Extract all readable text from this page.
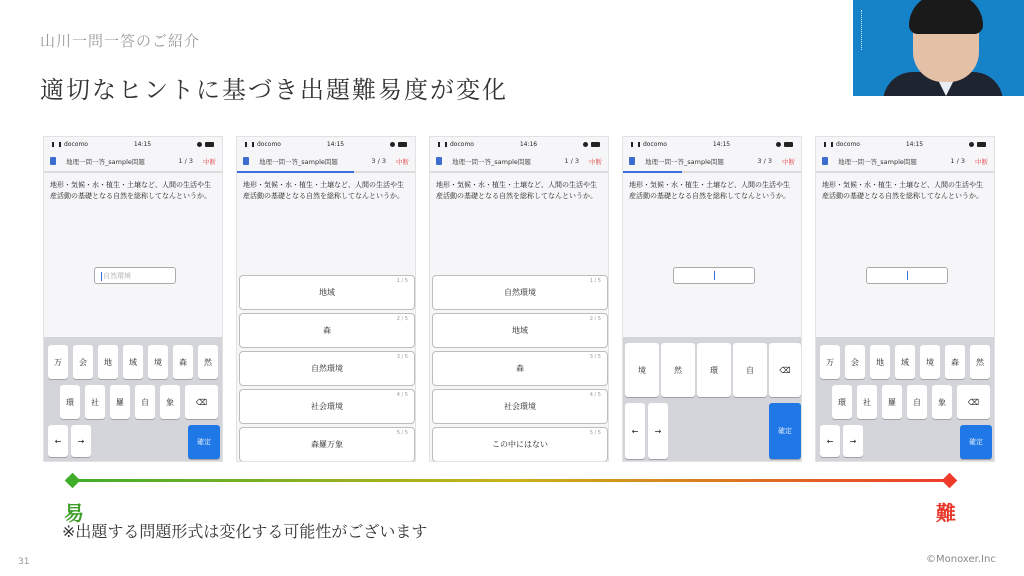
山川一問一答のご紹介
適切なヒントに基づき出題難易度が変化
docomo	14:15
地理一問一答_sample問題	1 / 3 中断
地形・気候・水・植生・土壌など、人間の生活や生産活動の基礎となる自然を総称してなんというか。
自然環境
万	会	地	域	境	森	然
環	社	羅	自	象	⌫
←	→	確定
docomo	14:15
地理一問一答_sample問題	3 / 3 中断
地形・気候・水・植生・土壌など、人間の生活や生産活動の基礎となる自然を総称してなんというか。
1 / 5
地域
2 / 5
森
3 / 5
自然環境
4 / 5
社会環境
5 / 5
森羅万象
docomo	14:16
地理一問一答_sample問題	1 / 3 中断
地形・気候・水・植生・土壌など、人間の生活や生産活動の基礎となる自然を総称してなんというか。
1 / 5
自然環境
2 / 5
地域
3 / 5
森
4 / 5
社会環境
5 / 5
この中にはない
docomo	14:15
地理一問一答_sample問題	3 / 3 中断
地形・気候・水・植生・土壌など、人間の生活や生産活動の基礎となる自然を総称してなんというか。
境	然	環	自	⌫
←	→	確定
docomo	14:15
地理一問一答_sample問題	1 / 3 中断
地形・気候・水・植生・土壌など、人間の生活や生産活動の基礎となる自然を総称してなんというか。
万	会	地	域	境	森	然
環	社	羅	自	象	⌫
←	→	確定
易	難
※出題する問題形式は変化する可能性がございます
31	©Monoxer.Inc
